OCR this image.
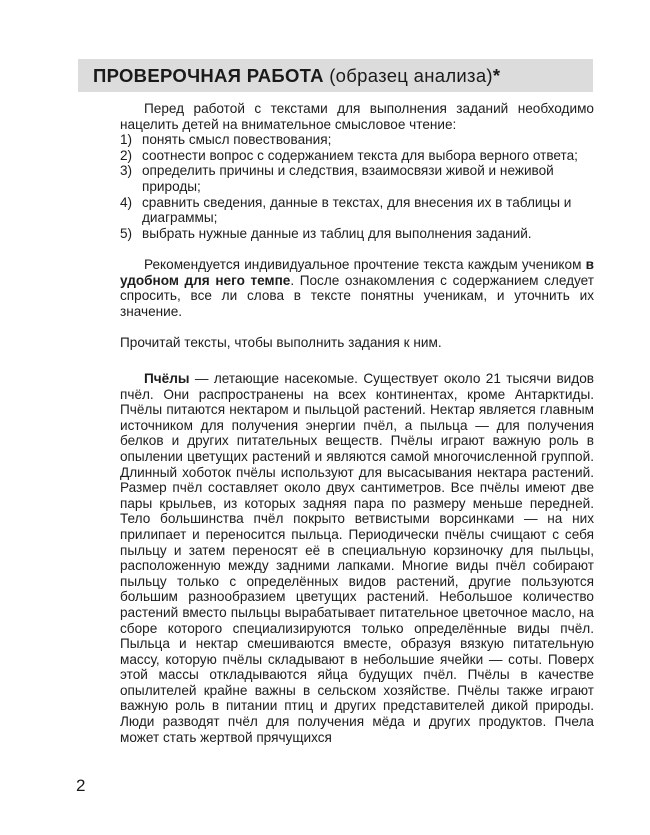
ПРОВЕРОЧНАЯ РАБОТА (образец анализа)*

Перед работой с текстами для выполнения заданий необходимо нацелить детей на внимательное смысловое чтение:

1) понять смысл повествования;
2) соотнести вопрос с содержанием текста для выбора верного ответа;
3) определить причины и следствия, взаимосвязи живой и неживой природы;
4) сравнить сведения, данные в текстах, для внесения их в таблицы и диаграммы;
5) выбрать нужные данные из таблиц для выполнения заданий.

Рекомендуется индивидуальное прочтение текста каждым учеником в удобном для него темпе. После ознакомления с содержанием следует спросить, все ли слова в тексте понятны ученикам, и уточнить их значение.

Прочитай тексты, чтобы выполнить задания к ним.

Пчёлы — летающие насекомые. Существует около 21 тысячи видов пчёл. Они распространены на всех континентах, кроме Антарктиды. Пчёлы питаются нектаром и пыльцой растений. Нектар является главным источником для получения энергии пчёл, а пыльца — для получения белков и других питательных веществ. Пчёлы играют важную роль в опылении цветущих растений и являются самой многочисленной группой. Длинный хоботок пчёлы используют для высасывания нектара растений. Размер пчёл составляет около двух сантиметров. Все пчёлы имеют две пары крыльев, из которых задняя пара по размеру меньше передней. Тело большинства пчёл покрыто ветвистыми ворсинками — на них прилипает и переносится пыльца. Периодически пчёлы счищают с себя пыльцу и затем переносят её в специальную корзиночку для пыльцы, расположенную между задними лапками. Многие виды пчёл собирают пыльцу только с определённых видов растений, другие пользуются большим разнообразием цветущих растений. Небольшое количество растений вместо пыльцы вырабатывает питательное цветочное масло, на сборе которого специализируются только определённые виды пчёл. Пыльца и нектар смешиваются вместе, образуя вязкую питательную массу, которую пчёлы складывают в небольшие ячейки — соты. Поверх этой массы откладываются яйца будущих пчёл. Пчёлы в качестве опылителей крайне важны в сельском хозяйстве. Пчёлы также играют важную роль в питании птиц и других представителей дикой природы. Люди разводят пчёл для получения мёда и других продуктов. Пчела может стать жертвой прячущихся

2
